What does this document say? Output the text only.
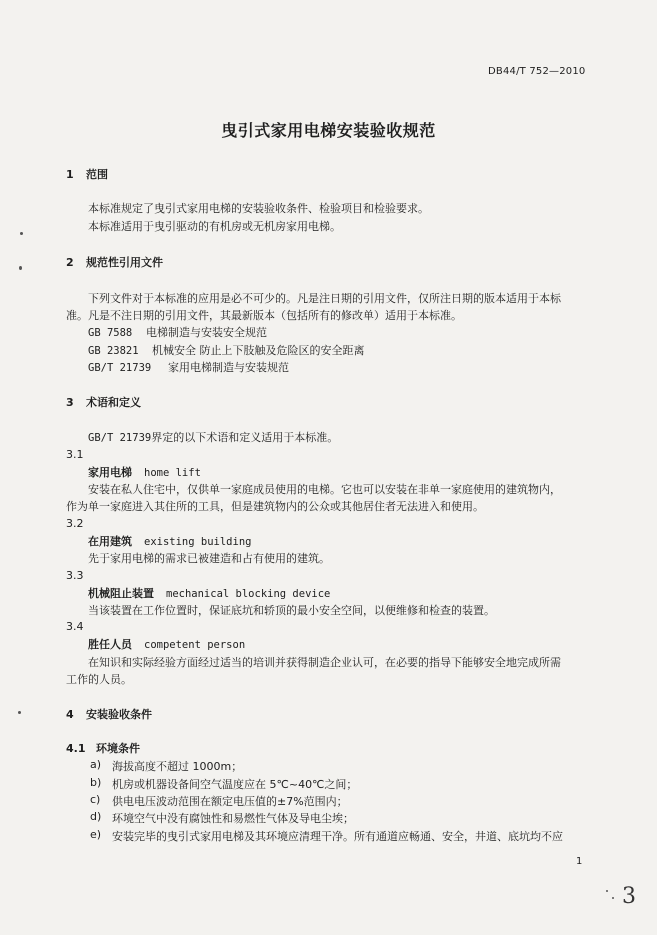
DB44/T 752—2010
曳引式家用电梯安装验收规范
1 范围
本标准规定了曳引式家用电梯的安装验收条件、检验项目和检验要求。
本标准适用于曳引驱动的有机房或无机房家用电梯。
2 规范性引用文件
下列文件对于本标准的应用是必不可少的。凡是注日期的引用文件，仅所注日期的版本适用于本标
准。凡是不注日期的引用文件，其最新版本（包括所有的修改单）适用于本标准。
GB 7588 电梯制造与安装安全规范
GB 23821 机械安全 防止上下肢触及危险区的安全距离
GB/T 21739 家用电梯制造与安装规范
3 术语和定义
GB/T 21739界定的以下术语和定义适用于本标准。
3.1
家用电梯 home lift
安装在私人住宅中，仅供单一家庭成员使用的电梯。它也可以安装在非单一家庭使用的建筑物内，
作为单一家庭进入其住所的工具，但是建筑物内的公众或其他居住者无法进入和使用。
3.2
在用建筑 existing building
先于家用电梯的需求已被建造和占有使用的建筑。
3.3
机械阻止装置 mechanical blocking device
当该装置在工作位置时，保证底坑和轿顶的最小安全空间，以便维修和检查的装置。
3.4
胜任人员 competent person
在知识和实际经验方面经过适当的培训并获得制造企业认可，在必要的指导下能够安全地完成所需
工作的人员。
4 安装验收条件
4.1 环境条件
a) 海拔高度不超过 1000m；
b) 机房或机器设备间空气温度应在 5℃~40℃之间；
c) 供电电压波动范围在额定电压值的±7%范围内；
d) 环境空气中没有腐蚀性和易燃性气体及导电尘埃；
e) 安装完毕的曳引式家用电梯及其环境应清理干净。所有通道应畅通、安全，井道、底坑均不应
1
3
